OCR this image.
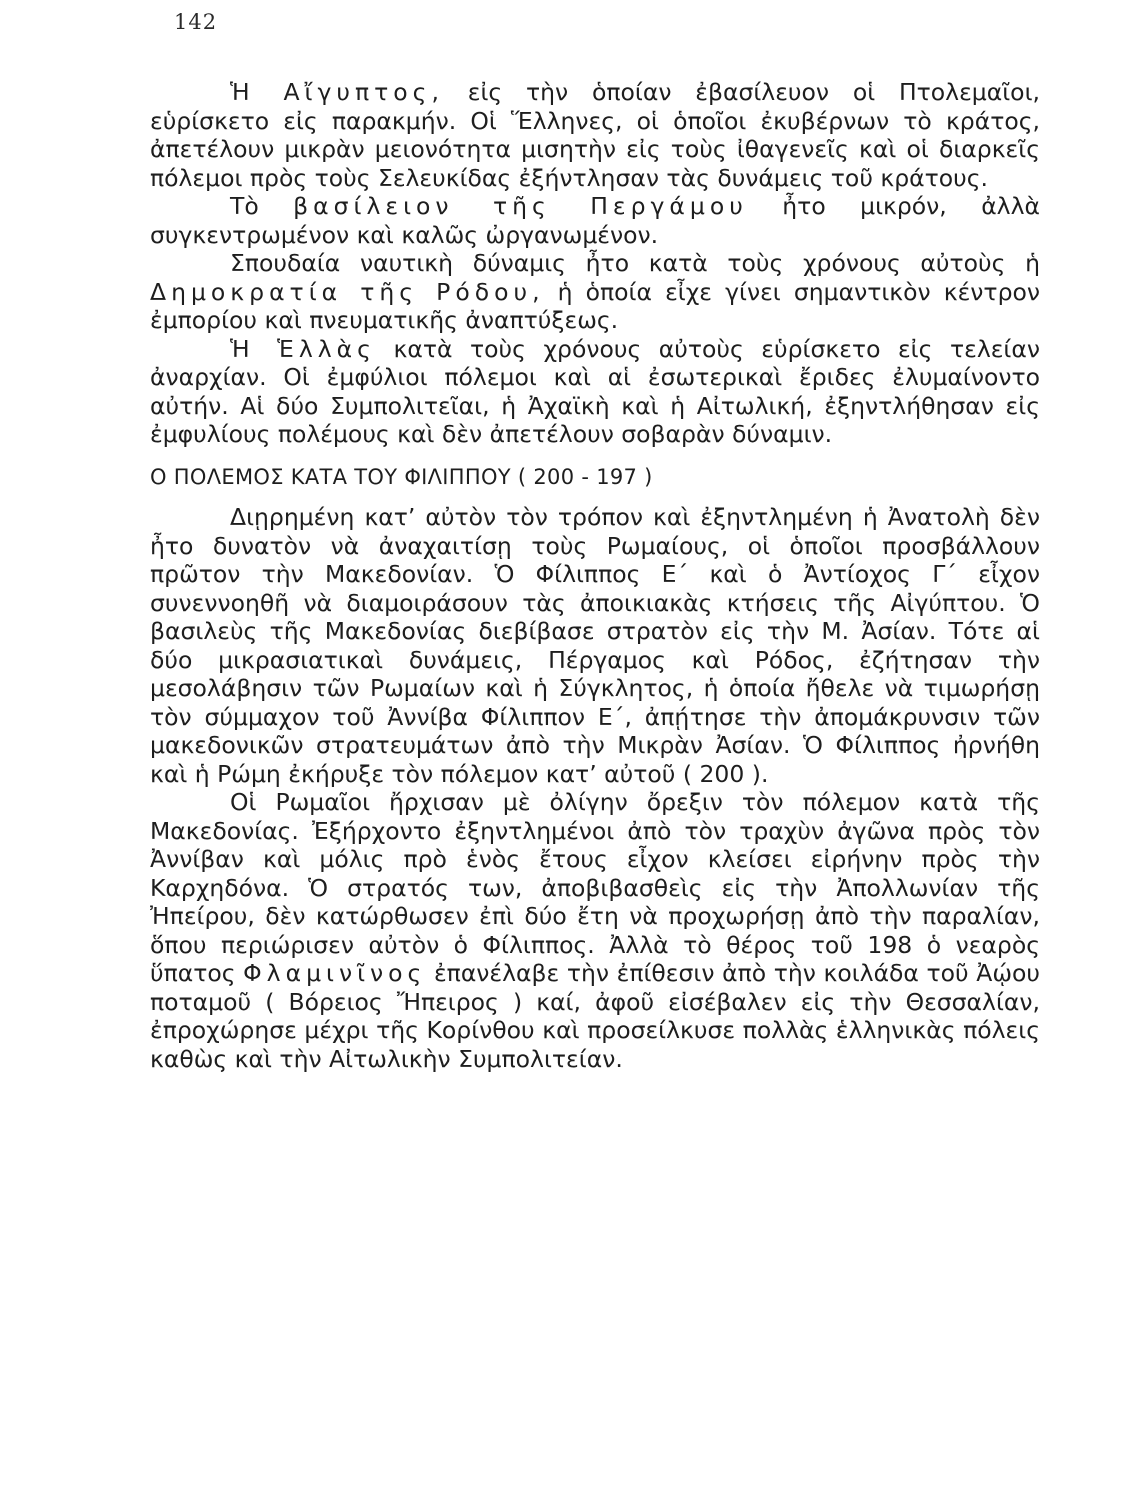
142

Ἡ Αἴγυπτος, εἰς τὴν ὁποίαν ἐβασίλευον οἱ Πτολεμαῖοι, εὑρίσκετο εἰς παρακμήν. Οἱ Ἕλληνες, οἱ ὁποῖοι ἐκυβέρνων τὸ κράτος, ἀπετέλουν μικρὰν μειονότητα μισητὴν εἰς τοὺς ἰθαγενεῖς καὶ οἱ διαρκεῖς πόλεμοι πρὸς τοὺς Σελευκίδας ἐξήντλησαν τὰς δυνάμεις τοῦ κράτους.

Τὸ βασίλειον τῆς Περγάμου ἦτο μικρόν, ἀλλὰ συγκεντρωμένον καὶ καλῶς ὠργανωμένον.

Σπουδαία ναυτικὴ δύναμις ἦτο κατὰ τοὺς χρόνους αὐτοὺς ἡ Δημοκρατία τῆς Ρόδου, ἡ ὁποία εἶχε γίνει σημαντικὸν κέντρον ἐμπορίου καὶ πνευματικῆς ἀναπτύξεως.

Ἡ Ἑλλὰς κατὰ τοὺς χρόνους αὐτοὺς εὑρίσκετο εἰς τελείαν ἀναρχίαν. Οἱ ἐμφύλιοι πόλεμοι καὶ αἱ ἐσωτερικαὶ ἔριδες ἐλυμαίνοντο αὐτήν. Αἱ δύο Συμπολιτεῖαι, ἡ Ἀχαϊκὴ καὶ ἡ Αἰτωλική, ἐξηντλήθησαν εἰς ἐμφυλίους πολέμους καὶ δὲν ἀπετέλουν σοβαρὰν δύναμιν.

Ο ΠΟΛΕΜΟΣ ΚΑΤΑ ΤΟΥ ΦΙΛΙΠΠΟΥ ( 200 - 197 )

Διῃρημένη κατ’ αὐτὸν τὸν τρόπον καὶ ἐξηντλημένη ἡ Ἀνατολὴ δὲν ἦτο δυνατὸν νὰ ἀναχαιτίσῃ τοὺς Ρωμαίους, οἱ ὁποῖοι προσβάλλουν πρῶτον τὴν Μακεδονίαν. Ὁ Φίλιππος Ε΄ καὶ ὁ Ἀντίοχος Γ΄ εἶχον συνεννοηθῆ νὰ διαμοιράσουν τὰς ἀποικιακὰς κτήσεις τῆς Αἰγύπτου. Ὁ βασιλεὺς τῆς Μακεδονίας διεβίβασε στρατὸν εἰς τὴν Μ. Ἀσίαν. Τότε αἱ δύο μικρασιατικαὶ δυνάμεις, Πέργαμος καὶ Ρόδος, ἐζήτησαν τὴν μεσολάβησιν τῶν Ρωμαίων καὶ ἡ Σύγκλητος, ἡ ὁποία ἤθελε νὰ τιμωρήσῃ τὸν σύμμαχον τοῦ Ἀννίβα Φίλιππον Ε΄, ἀπῄτησε τὴν ἀπομάκρυνσιν τῶν μακεδονικῶν στρατευμάτων ἀπὸ τὴν Μικρὰν Ἀσίαν. Ὁ Φίλιππος ἠρνήθη καὶ ἡ Ρώμη ἐκήρυξε τὸν πόλεμον κατ’ αὐτοῦ ( 200 ).

Οἱ Ρωμαῖοι ἤρχισαν μὲ ὀλίγην ὄρεξιν τὸν πόλεμον κατὰ τῆς Μακεδονίας. Ἐξήρχοντο ἐξηντλημένοι ἀπὸ τὸν τραχὺν ἀγῶνα πρὸς τὸν Ἀννίβαν καὶ μόλις πρὸ ἑνὸς ἔτους εἶχον κλείσει εἰρήνην πρὸς τὴν Καρχηδόνα. Ὁ στρατός των, ἀποβιβασθεὶς εἰς τὴν Ἀπολλωνίαν τῆς Ἠπείρου, δὲν κατώρθωσεν ἐπὶ δύο ἔτη νὰ προχωρήσῃ ἀπὸ τὴν παραλίαν, ὅπου περιώρισεν αὐτὸν ὁ Φίλιππος. Ἀλλὰ τὸ θέρος τοῦ 198 ὁ νεαρὸς ὕπατος Φλαμινῖνος ἐπανέλαβε τὴν ἐπίθεσιν ἀπὸ τὴν κοιλάδα τοῦ Ἀῴου ποταμοῦ ( Βόρειος Ἤπειρος ) καί, ἀφοῦ εἰσέβαλεν εἰς τὴν Θεσσαλίαν, ἐπροχώρησε μέχρι τῆς Κορίνθου καὶ προσείλκυσε πολλὰς ἑλληνικὰς πόλεις καθὼς καὶ τὴν Αἰτωλικὴν Συμπολιτείαν.
